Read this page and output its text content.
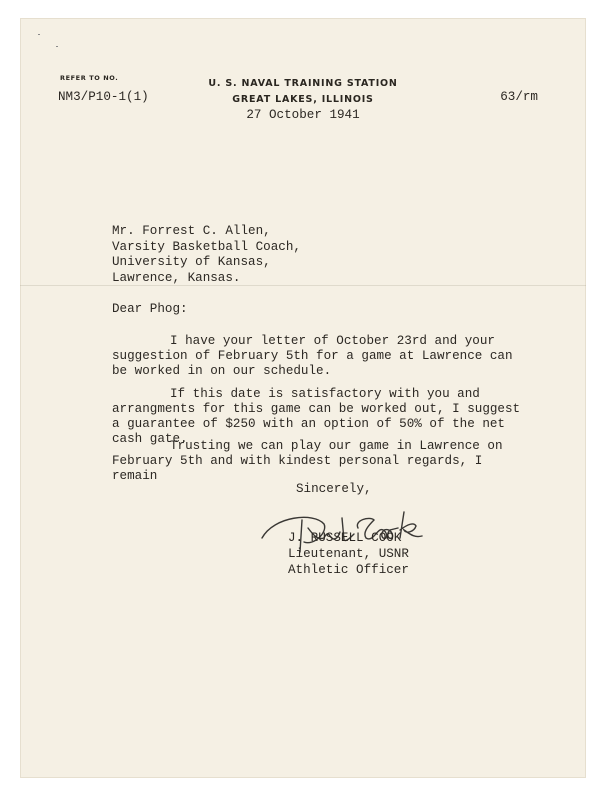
REFER TO NO.
NM3/P10-1(1)
U. S. NAVAL TRAINING STATION
GREAT LAKES, ILLINOIS
27 October 1941
63/rm
Mr. Forrest C. Allen,
Varsity Basketball Coach,
University of Kansas,
Lawrence, Kansas.
Dear Phog:
I have your letter of October 23rd and your suggestion of February 5th for a game at Lawrence can be worked in on our schedule.
If this date is satisfactory with you and arrangments for this game can be worked out, I suggest a guarantee of $250 with an option of 50% of the net cash gate.
Trusting we can play our game in Lawrence on February 5th and with kindest personal regards, I remain
Sincerely,
J. RUSSELL COOK
Lieutenant, USNR
Athletic Officer
